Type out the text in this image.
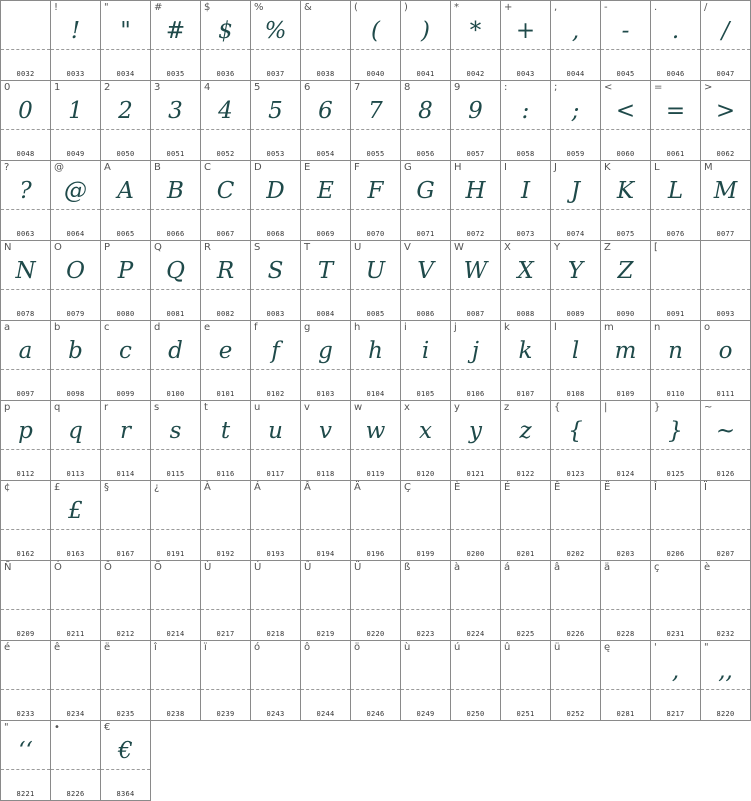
0032
!
!
0033
"
"
0034
#
#
0035
$
$
0036
%
%
0037
&
0038
(
(
0040
)
)
0041
*
*
0042
+
+
0043
,
,
0044
-
-
0045
.
.
0046
/
/
0047
0
0
0048
1
1
0049
2
2
0050
3
3
0051
4
4
0052
5
5
0053
6
6
0054
7
7
0055
8
8
0056
9
9
0057
:
:
0058
;
;
0059
<
<
0060
=
=
0061
>
>
0062
?
?
0063
@
@
0064
A
A
0065
B
B
0066
C
C
0067
D
D
0068
E
E
0069
F
F
0070
G
G
0071
H
H
0072
I
I
0073
J
J
0074
K
K
0075
L
L
0076
M
M
0077
N
N
0078
O
O
0079
P
P
0080
Q
Q
0081
R
R
0082
S
S
0083
T
T
0084
U
U
0085
V
V
0086
W
W
0087
X
X
0088
Y
Y
0089
Z
Z
0090
[
0091	0093
a
a
0097
b
b
0098
c
c
0099
d
d
0100
e
e
0101
f
f
0102
g
g
0103
h
h
0104
i
i
0105
j
j
0106
k
k
0107
l
l
0108
m
m
0109
n
n
0110
o
o
0111
p
p
0112
q
q
0113
r
r
0114
s
s
0115
t
t
0116
u
u
0117
v
v
0118
w
w
0119
x
x
0120
y
y
0121
z
z
0122
{
{
0123
|
0124
}
}
0125
~
~
0126
¢
0162
£
£
0163
§
0167
¿
0191
À
0192
Á
0193
Â
0194
Ä
0196
Ç
0199
È
0200
É
0201
Ê
0202
Ë
0203
Î
0206
Ï
0207
Ñ
0209
Ó
0211
Ô
0212
Ö
0214
Ù
0217
Ú
0218
Û
0219
Ü
0220
ß
0223
à
0224
á
0225
â
0226
ä
0228
ç
0231
è
0232
é
0233
ê
0234
ë
0235
î
0238
ï
0239
ó
0243
ô
0244
ö
0246
ù
0249
ú
0250
û
0251
ü
0252
ę
0281
'
,
8217
"
,,
8220
"
‘‘
8221
•
8226
€
€
8364
